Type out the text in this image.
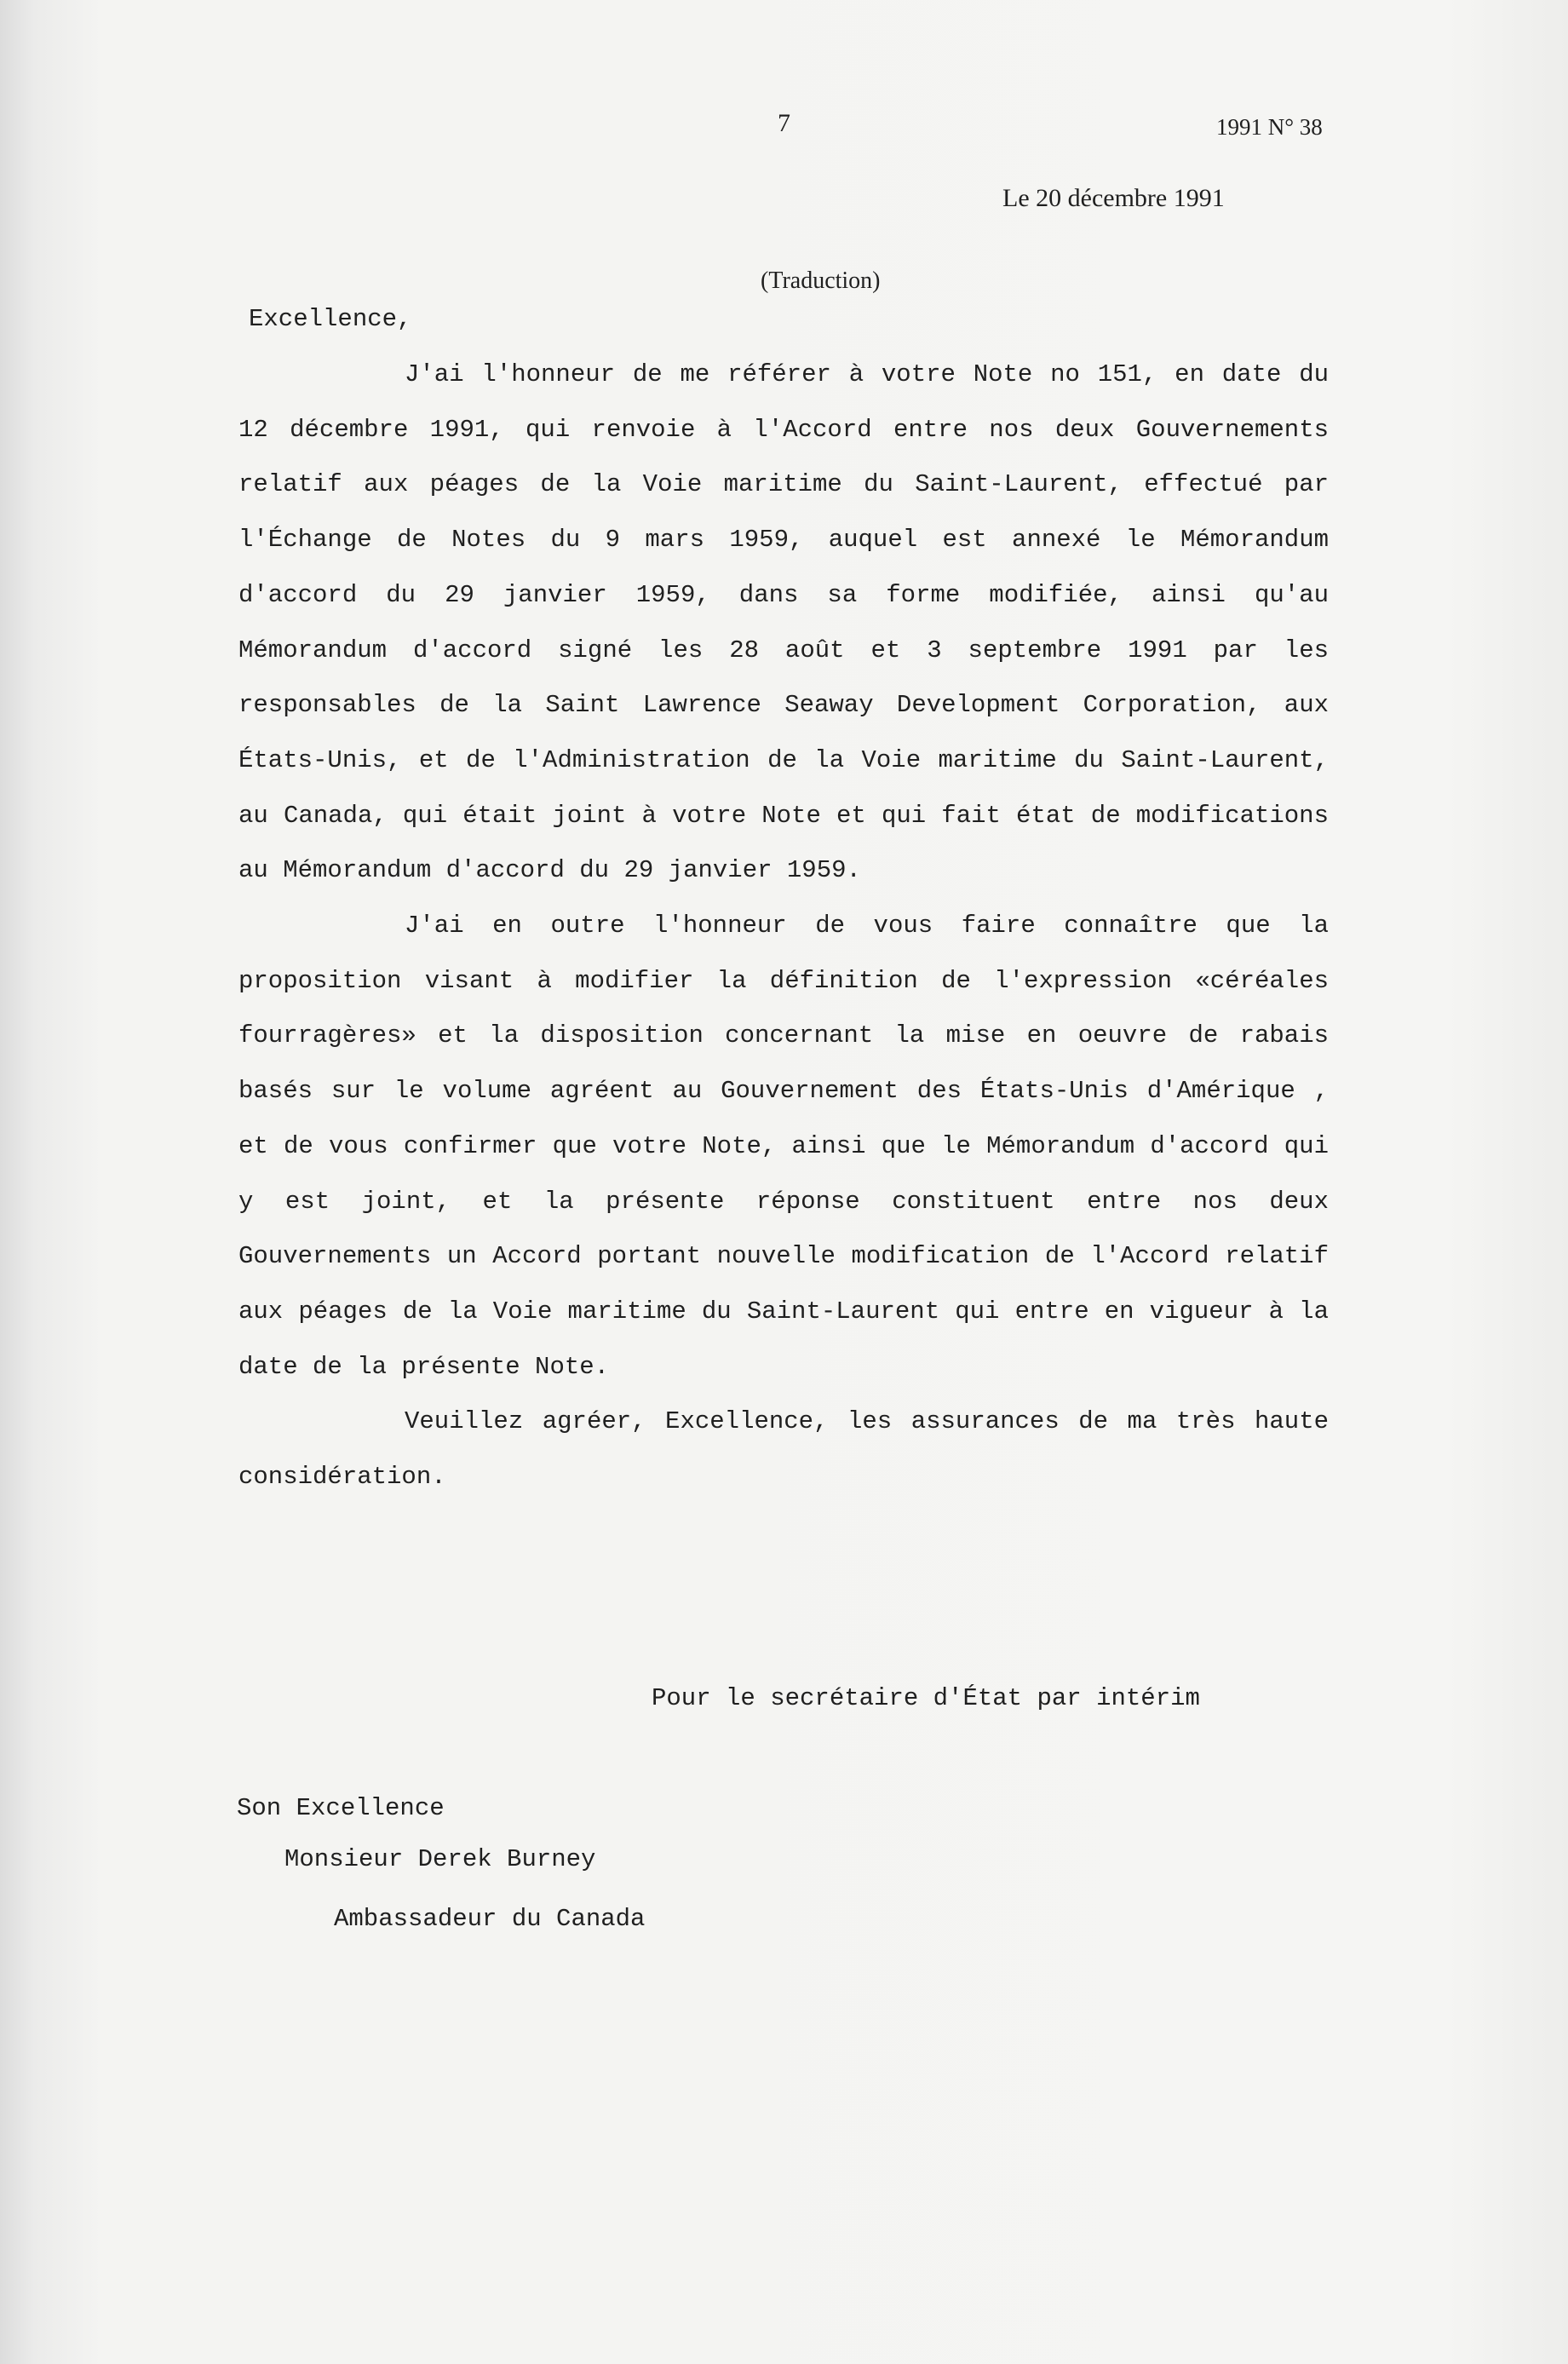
7	1991 N° 38
Le 20 décembre 1991
(Traduction)
Excellence,

J'ai l'honneur de me référer à votre Note no 151, en date du 12 décembre 1991, qui renvoie à l'Accord entre nos deux Gouvernements relatif aux péages de la Voie maritime du Saint-Laurent, effectué par l'Échange de Notes du 9 mars 1959, auquel est annexé le Mémorandum d'accord du 29 janvier 1959, dans sa forme modifiée, ainsi qu'au Mémorandum d'accord signé les 28 août et 3 septembre 1991 par les responsables de la Saint Lawrence Seaway Development Corporation, aux États-Unis, et de l'Administration de la Voie maritime du Saint-Laurent, au Canada, qui était joint à votre Note et qui fait état de modifications au Mémorandum d'accord du 29 janvier 1959.

J'ai en outre l'honneur de vous faire connaître que la proposition visant à modifier la définition de l'expression «céréales fourragères» et la disposition concernant la mise en oeuvre de rabais basés sur le volume agréent au Gouvernement des États-Unis d'Amérique , et de vous confirmer que votre Note, ainsi que le Mémorandum d'accord qui y est joint, et la présente réponse constituent entre nos deux Gouvernements un Accord portant nouvelle modification de l'Accord relatif aux péages de la Voie maritime du Saint-Laurent qui entre en vigueur à la date de la présente Note.

Veuillez agréer, Excellence, les assurances de ma très haute considération.

Pour le secrétaire d'État par intérim
Son Excellence
Monsieur Derek Burney
Ambassadeur du Canada
